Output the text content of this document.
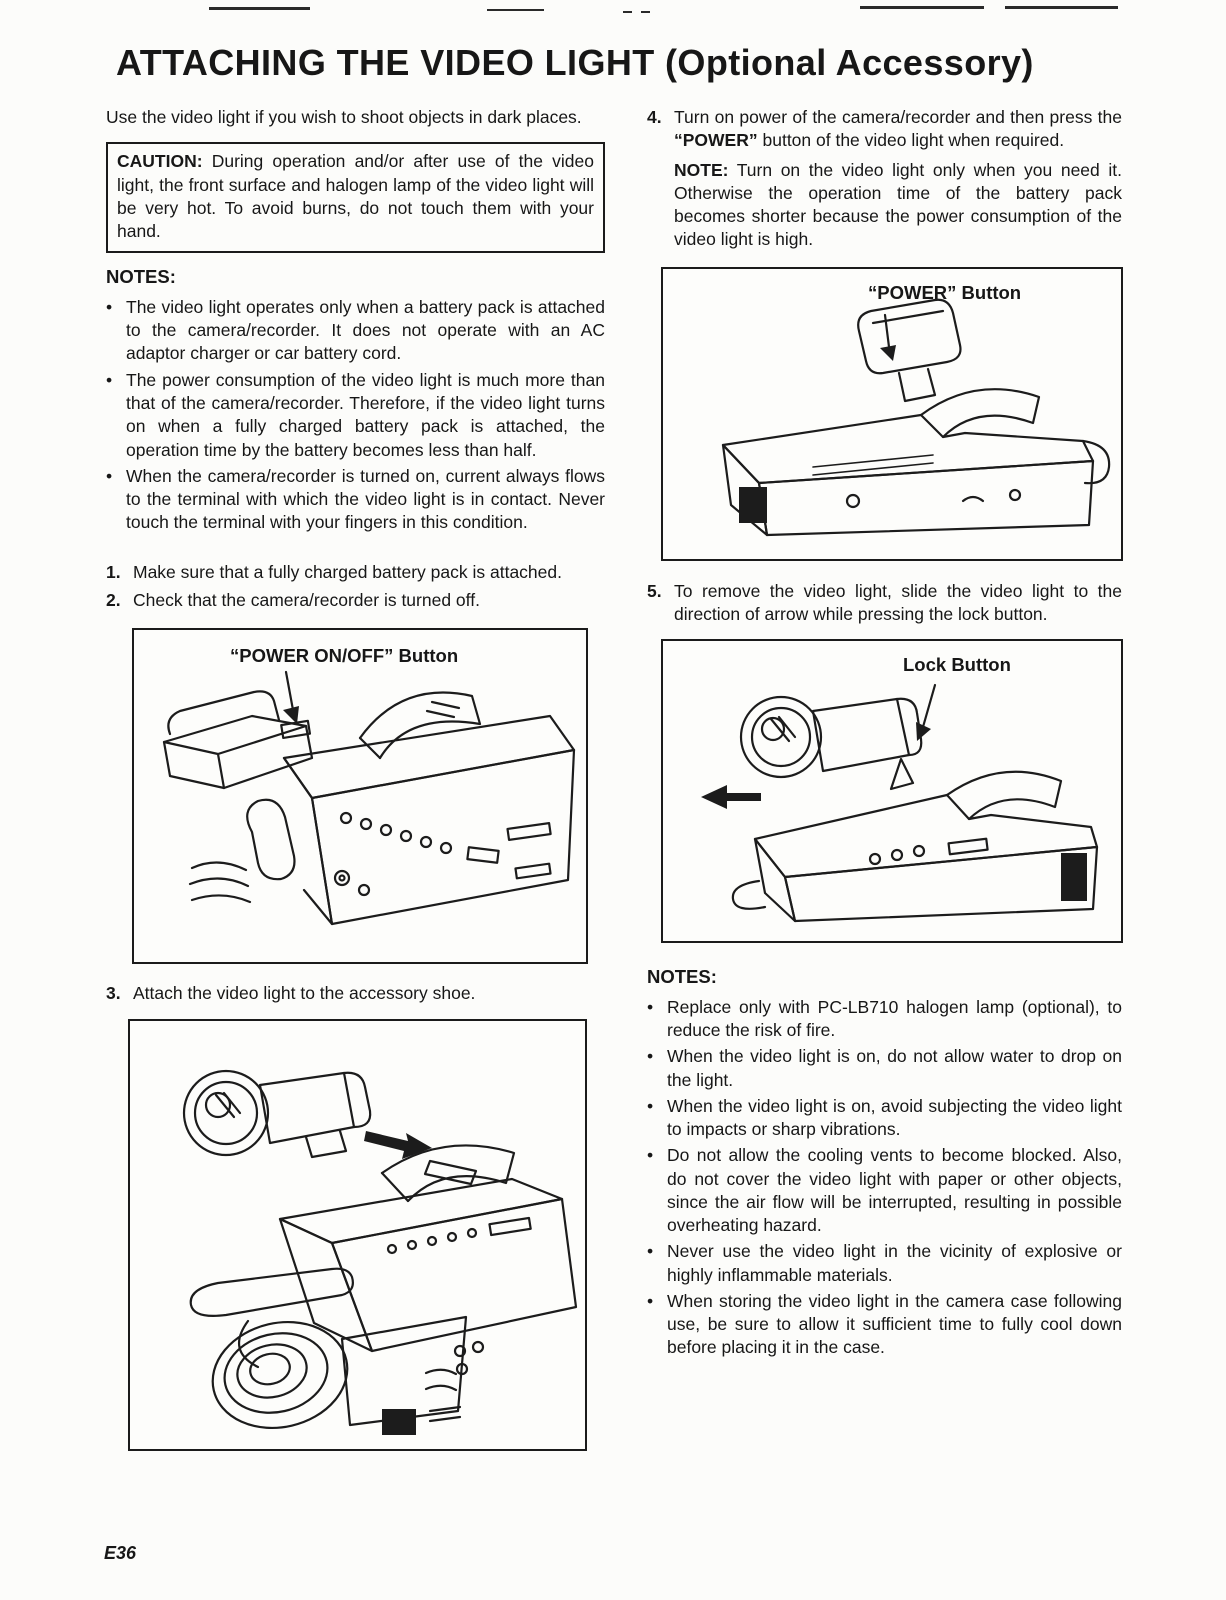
ATTACHING THE VIDEO LIGHT (Optional Accessory)

Use the video light if you wish to shoot objects in dark places.

CAUTION: During operation and/or after use of the video light, the front surface and halogen lamp of the video light will be very hot. To avoid burns, do not touch them with your hand.
NOTES:
• The video light operates only when a battery pack is attached to the camera/recorder. It does not operate with an AC adaptor charger or car battery cord.
• The power consumption of the video light is much more than that of the camera/recorder. Therefore, if the video light turns on when a fully charged battery pack is attached, the operation time by the battery becomes less than half.
• When the camera/recorder is turned on, current always flows to the terminal with which the video light is in contact. Never touch the terminal with your fingers in this condition.
1. Make sure that a fully charged battery pack is attached.
2. Check that the camera/recorder is turned off.
“POWER ON/OFF” Button
3. Attach the video light to the accessory shoe.
4. Turn on power of the camera/recorder and then press the “POWER” button of the video light when required.

NOTE: Turn on the video light only when you need it. Otherwise the operation time of the battery pack becomes shorter because the power consumption of the video light is high.

“POWER” Button
5. To remove the video light, slide the video light to the direction of arrow while pressing the lock button.
Lock Button
NOTES:
• Replace only with PC-LB710 halogen lamp (optional), to reduce the risk of fire.
• When the video light is on, do not allow water to drop on the light.
• When the video light is on, avoid subjecting the video light to impacts or sharp vibrations.
• Do not allow the cooling vents to become blocked. Also, do not cover the video light with paper or other objects, since the air flow will be interrupted, resulting in possible overheating hazard.
• Never use the video light in the vicinity of explosive or highly inflammable materials.
• When storing the video light in the camera case following use, be sure to allow it sufficient time to fully cool down before placing it in the case.
E36
